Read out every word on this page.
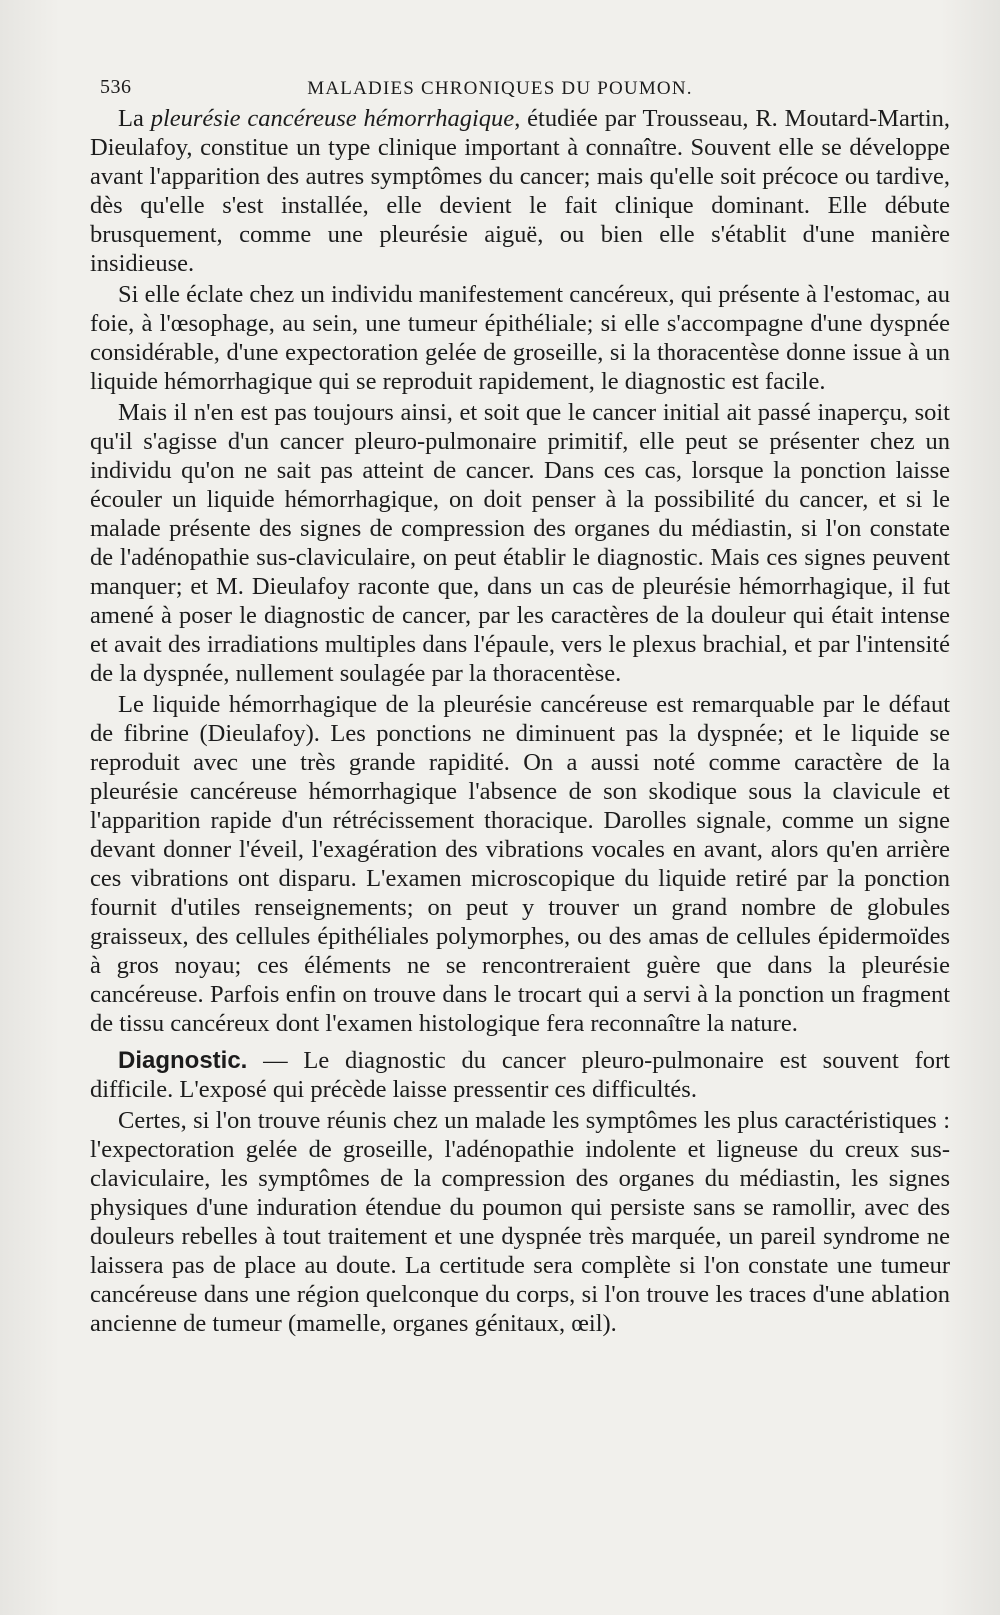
536	MALADIES CHRONIQUES DU POUMON.

La pleurésie cancéreuse hémorrhagique, étudiée par Trousseau, R. Moutard-Martin, Dieulafoy, constitue un type clinique important à connaître. Souvent elle se développe avant l'apparition des autres symptômes du cancer; mais qu'elle soit précoce ou tardive, dès qu'elle s'est installée, elle devient le fait clinique dominant. Elle débute brusquement, comme une pleurésie aiguë, ou bien elle s'établit d'une manière insidieuse.

Si elle éclate chez un individu manifestement cancéreux, qui présente à l'estomac, au foie, à l'œsophage, au sein, une tumeur épithéliale; si elle s'accompagne d'une dyspnée considérable, d'une expectoration gelée de groseille, si la thoracentèse donne issue à un liquide hémorrhagique qui se reproduit rapidement, le diagnostic est facile.

Mais il n'en est pas toujours ainsi, et soit que le cancer initial ait passé inaperçu, soit qu'il s'agisse d'un cancer pleuro-pulmonaire primitif, elle peut se présenter chez un individu qu'on ne sait pas atteint de cancer. Dans ces cas, lorsque la ponction laisse écouler un liquide hémorrhagique, on doit penser à la possibilité du cancer, et si le malade présente des signes de compression des organes du médiastin, si l'on constate de l'adénopathie sus-claviculaire, on peut établir le diagnostic. Mais ces signes peuvent manquer; et M. Dieulafoy raconte que, dans un cas de pleurésie hémorrhagique, il fut amené à poser le diagnostic de cancer, par les caractères de la douleur qui était intense et avait des irradiations multiples dans l'épaule, vers le plexus brachial, et par l'intensité de la dyspnée, nullement soulagée par la thoracentèse.

Le liquide hémorrhagique de la pleurésie cancéreuse est remarquable par le défaut de fibrine (Dieulafoy). Les ponctions ne diminuent pas la dyspnée; et le liquide se reproduit avec une très grande rapidité. On a aussi noté comme caractère de la pleurésie cancéreuse hémorrhagique l'absence de son skodique sous la clavicule et l'apparition rapide d'un rétrécissement thoracique. Darolles signale, comme un signe devant donner l'éveil, l'exagération des vibrations vocales en avant, alors qu'en arrière ces vibrations ont disparu. L'examen microscopique du liquide retiré par la ponction fournit d'utiles renseignements; on peut y trouver un grand nombre de globules graisseux, des cellules épithéliales polymorphes, ou des amas de cellules épidermoïdes à gros noyau; ces éléments ne se rencontreraient guère que dans la pleurésie cancéreuse. Parfois enfin on trouve dans le trocart qui a servi à la ponction un fragment de tissu cancéreux dont l'examen histologique fera reconnaître la nature.

Diagnostic. — Le diagnostic du cancer pleuro-pulmonaire est souvent fort difficile. L'exposé qui précède laisse pressentir ces difficultés.

Certes, si l'on trouve réunis chez un malade les symptômes les plus caractéristiques : l'expectoration gelée de groseille, l'adénopathie indolente et ligneuse du creux sus-claviculaire, les symptômes de la compression des organes du médiastin, les signes physiques d'une induration étendue du poumon qui persiste sans se ramollir, avec des douleurs rebelles à tout traitement et une dyspnée très marquée, un pareil syndrome ne laissera pas de place au doute. La certitude sera complète si l'on constate une tumeur cancéreuse dans une région quelconque du corps, si l'on trouve les traces d'une ablation ancienne de tumeur (mamelle, organes génitaux, œil).
